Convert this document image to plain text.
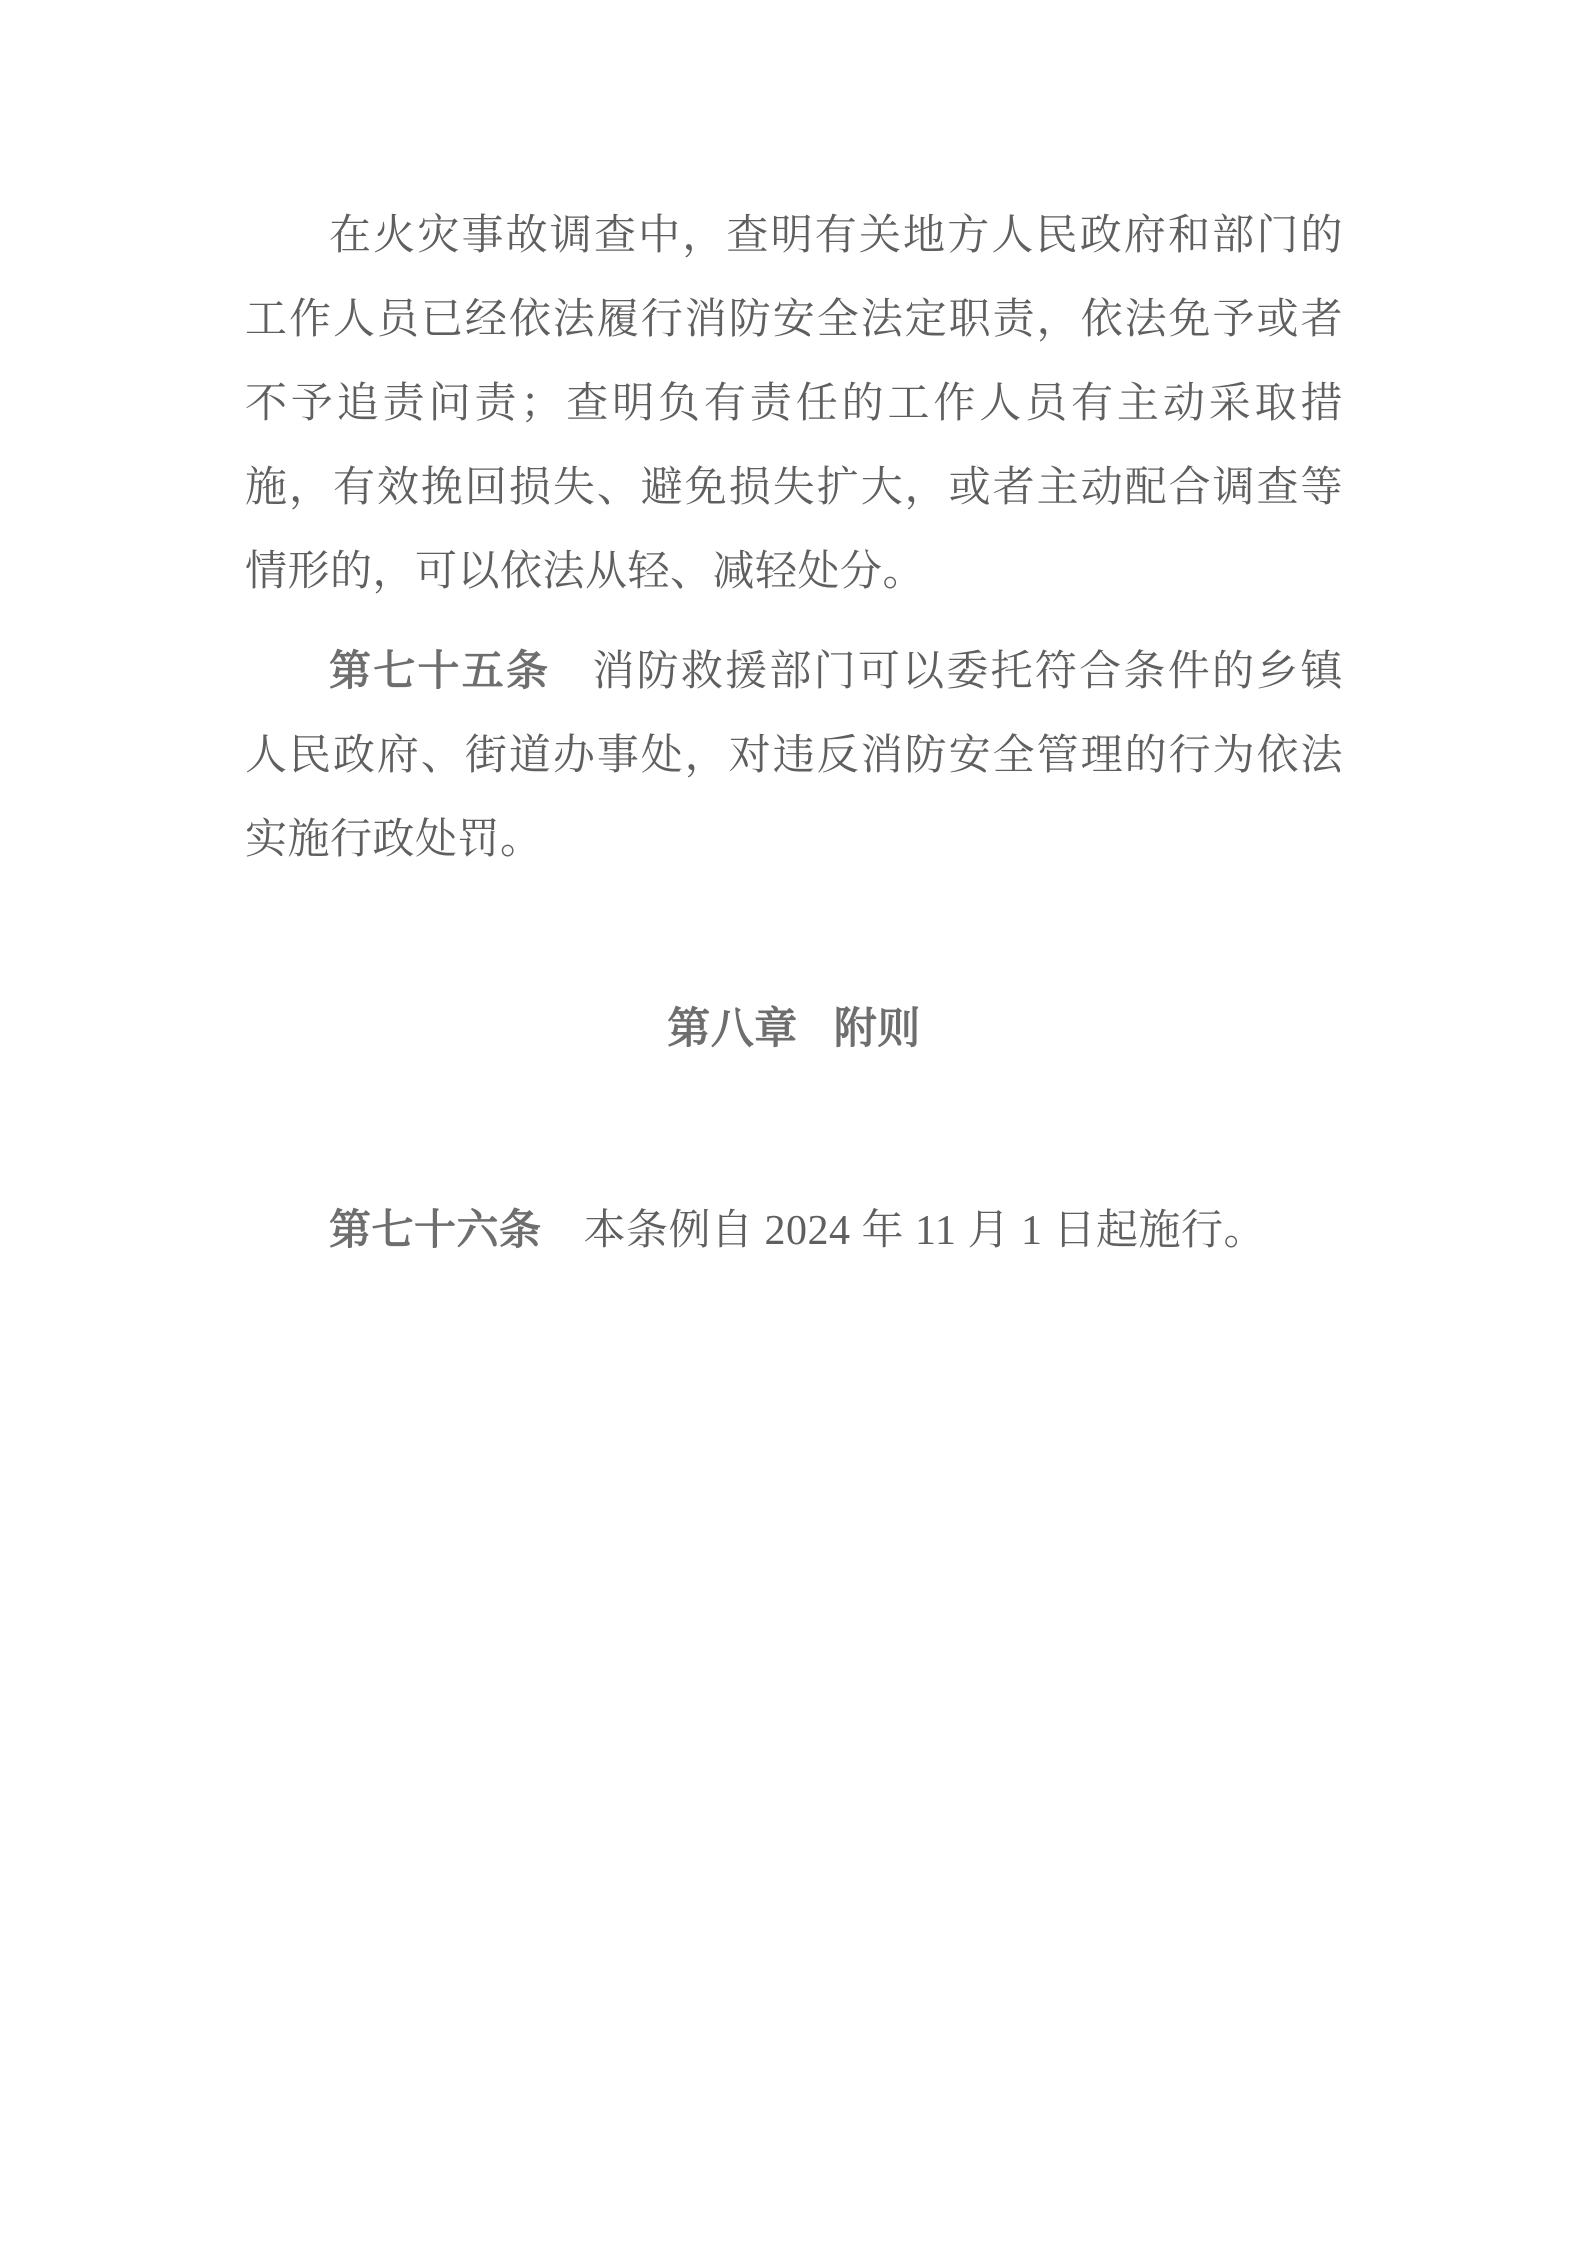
在火灾事故调查中，查明有关地方人民政府和部门的工作人员已经依法履行消防安全法定职责，依法免予或者不予追责问责；查明负有责任的工作人员有主动采取措施，有效挽回损失、避免损失扩大，或者主动配合调查等情形的，可以依法从轻、减轻处分。

第七十五条 消防救援部门可以委托符合条件的乡镇人民政府、街道办事处，对违反消防安全管理的行为依法实施行政处罚。

第八章 附则

第七十六条 本条例自 2024 年 11 月 1 日起施行。
